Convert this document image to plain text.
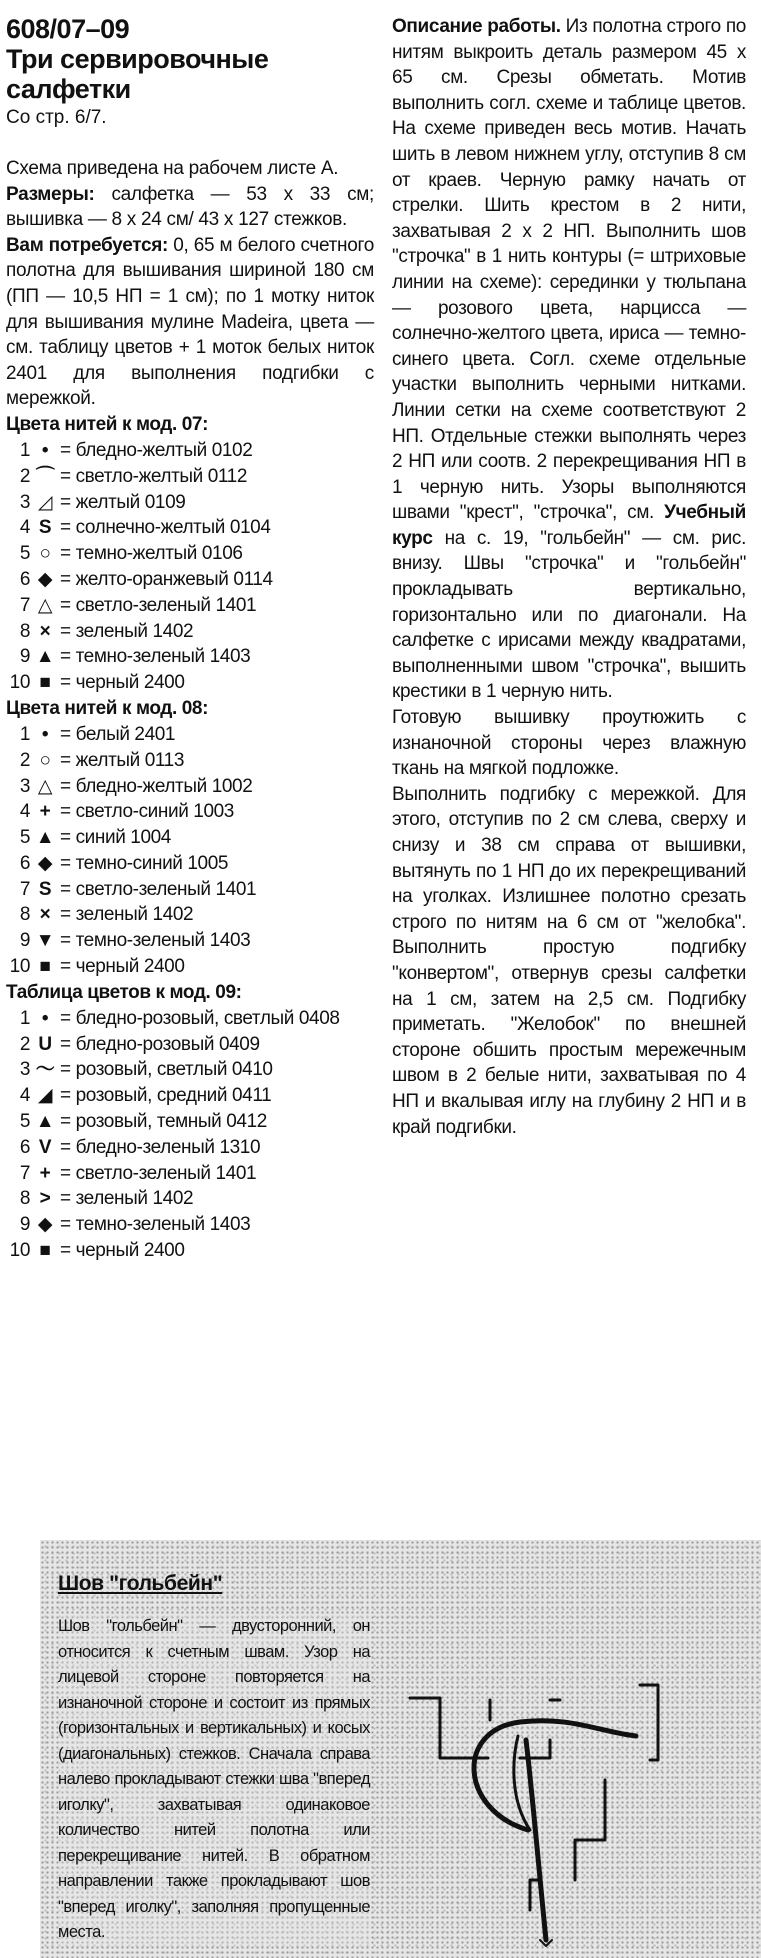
608/07–09
Три сервировочные
салфетки
Со стр. 6/7.

Схема приведена на рабочем листе А.

Размеры: салфетка — 53 x 33 см; вышивка — 8 x 24 см/ 43 x 127 стежков.

Вам потребуется: 0, 65 м белого счетного полотна для вышивания шириной 180 см (ПП — 10,5 НП = 1 см); по 1 мотку ниток для вышивания мулине Madeira, цвета — см. таблицу цветов + 1 моток белых ниток 2401 для выполнения подгибки с мережкой.

Цвета нитей к мод. 07:
1 • = бледно-желтый 0102
2 ⌒ = светло-желтый 0112
3 ◿ = желтый 0109
4 S = солнечно-желтый 0104
5 ○ = темно-желтый 0106
6 ◆ = желто-оранжевый 0114
7 △ = светло-зеленый 1401
8 × = зеленый 1402
9 ▲ = темно-зеленый 1403
10 ■ = черный 2400
Цвета нитей к мод. 08:
1 • = белый 2401
2 ○ = желтый 0113
3 △ = бледно-желтый 1002
4 + = светло-синий 1003
5 ▲ = синий 1004
6 ◆ = темно-синий 1005
7 S = светло-зеленый 1401
8 × = зеленый 1402
9 ▼ = темно-зеленый 1403
10 ■ = черный 2400
Таблица цветов к мод. 09:
1 • = бледно-розовый, светлый 0408
2 U = бледно-розовый 0409
3 〜 = розовый, светлый 0410
4 ◢ = розовый, средний 0411
5 ▲ = розовый, темный 0412
6 V = бледно-зеленый 1310
7 + = светло-зеленый 1401
8 > = зеленый 1402
9 ◆ = темно-зеленый 1403
10 ■ = черный 2400

Описание работы. Из полотна строго по нитям выкроить деталь размером 45 x 65 см. Срезы обметать. Мотив выполнить согл. схеме и таблице цветов. На схеме приведен весь мотив. Начать шить в левом нижнем углу, отступив 8 см от краев. Черную рамку начать от стрелки. Шить крестом в 2 нити, захватывая 2 x 2 НП. Выполнить шов "строчка" в 1 нить контуры (= штриховые линии на схеме): серединки у тюльпана — розового цвета, нарцисса — солнечно-желтого цвета, ириса — темно-синего цвета. Согл. схеме отдельные участки выполнить черными нитками. Линии сетки на схеме соответствуют 2 НП. Отдельные стежки выполнять через 2 НП или соотв. 2 перекрещивания НП в 1 черную нить. Узоры выполняются швами "крест", "строчка", см. Учебный курс на с. 19, "гольбейн" — см. рис. внизу. Швы "строчка" и "гольбейн" прокладывать вертикально, горизонтально или по диагонали. На салфетке с ирисами между квадратами, выполненными швом "строчка", вышить крестики в 1 черную нить.

Готовую вышивку проутюжить с изнаночной стороны через влажную ткань на мягкой подложке.

Выполнить подгибку с мережкой. Для этого, отступив по 2 см слева, сверху и снизу и 38 см справа от вышивки, вытянуть по 1 НП до их перекрещиваний на уголках. Излишнее полотно срезать строго по нитям на 6 см от "желобка". Выполнить простую подгибку "конвертом", отвернув срезы салфетки на 1 см, затем на 2,5 см. Подгибку приметать. "Желобок" по внешней стороне обшить простым мережечным швом в 2 белые нити, захватывая по 4 НП и вкалывая иглу на глубину 2 НП и в край подгибки.

Шов "гольбейн"
Шов "гольбейн" — двусторонний, он относится к счетным швам. Узор на лицевой стороне повторяется на изнаночной стороне и состоит из прямых (горизонтальных и вертикальных) и косых (диагональных) стежков. Сначала справа налево прокладывают стежки шва "вперед иголку", захватывая одинаковое количество нитей полотна или перекрещивание нитей. В обратном направлении также прокладывают шов "вперед иголку", заполняя пропущенные места.
